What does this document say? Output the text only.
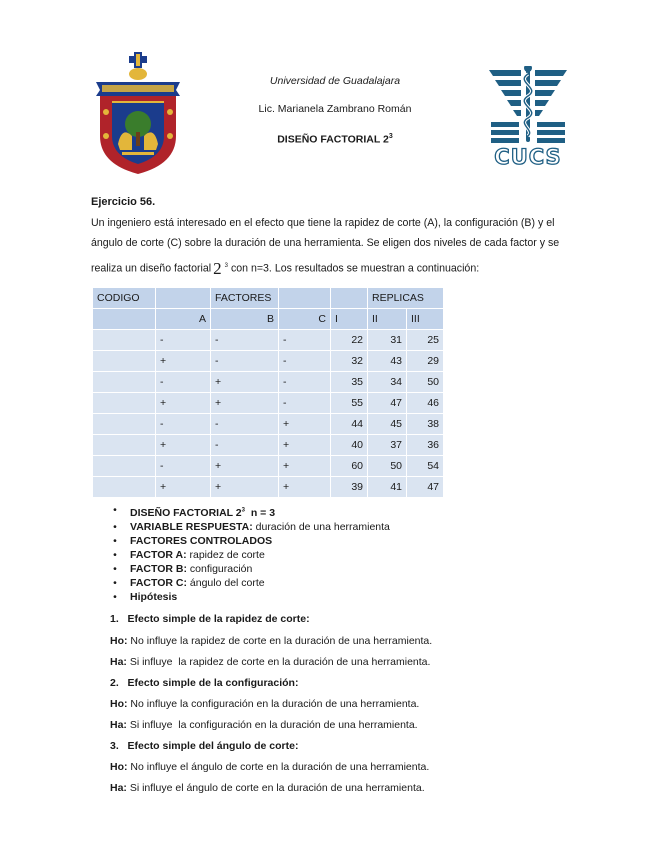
CUCS
Universidad de Guadalajara
Lic. Marianela Zambrano Román
DISEÑO FACTORIAL $2^3$
Ejercicio 56.
Un ingeniero está interesado en el efecto que tiene la rapidez de corte (A), la configuración (B) y el
ángulo de corte (C) sobre la duración de una herramienta. Se eligen dos niveles de cada factor y se
realiza un diseño factorial 2 $^3$ con n=3. Los resultados se muestran a continuación:
CODIGO		FACTORES			REPLICAS	
	A	B	C	I	II	III
	-	-	-	22	31	25
	+	-	-	32	43	29
	-	+	-	35	34	50
	+	+	-	55	47	46
	-	-	+	44	45	38
	+	-	+	40	37	36
	-	+	+	60	50	54
	+	+	+	39	41	47
•	DISEÑO FACTORIAL $2^3$  n = 3
•	VARIABLE RESPUESTA: duración de una herramienta
•	FACTORES CONTROLADOS
•	FACTOR A: rapidez de corte
•	FACTOR B: configuración
•	FACTOR C: ángulo del corte
•	Hipótesis
1.   Efecto simple de la rapidez de corte:
Ho: No influye la rapidez de corte en la duración de una herramienta.
Ha: Si influye  la rapidez de corte en la duración de una herramienta.
2.   Efecto simple de la configuración:
Ho: No influye la configuración en la duración de una herramienta.
Ha: Si influye  la configuración en la duración de una herramienta.
3.   Efecto simple del ángulo de corte:
Ho: No influye el ángulo de corte en la duración de una herramienta.
Ha: Si influye el ángulo de corte en la duración de una herramienta.
